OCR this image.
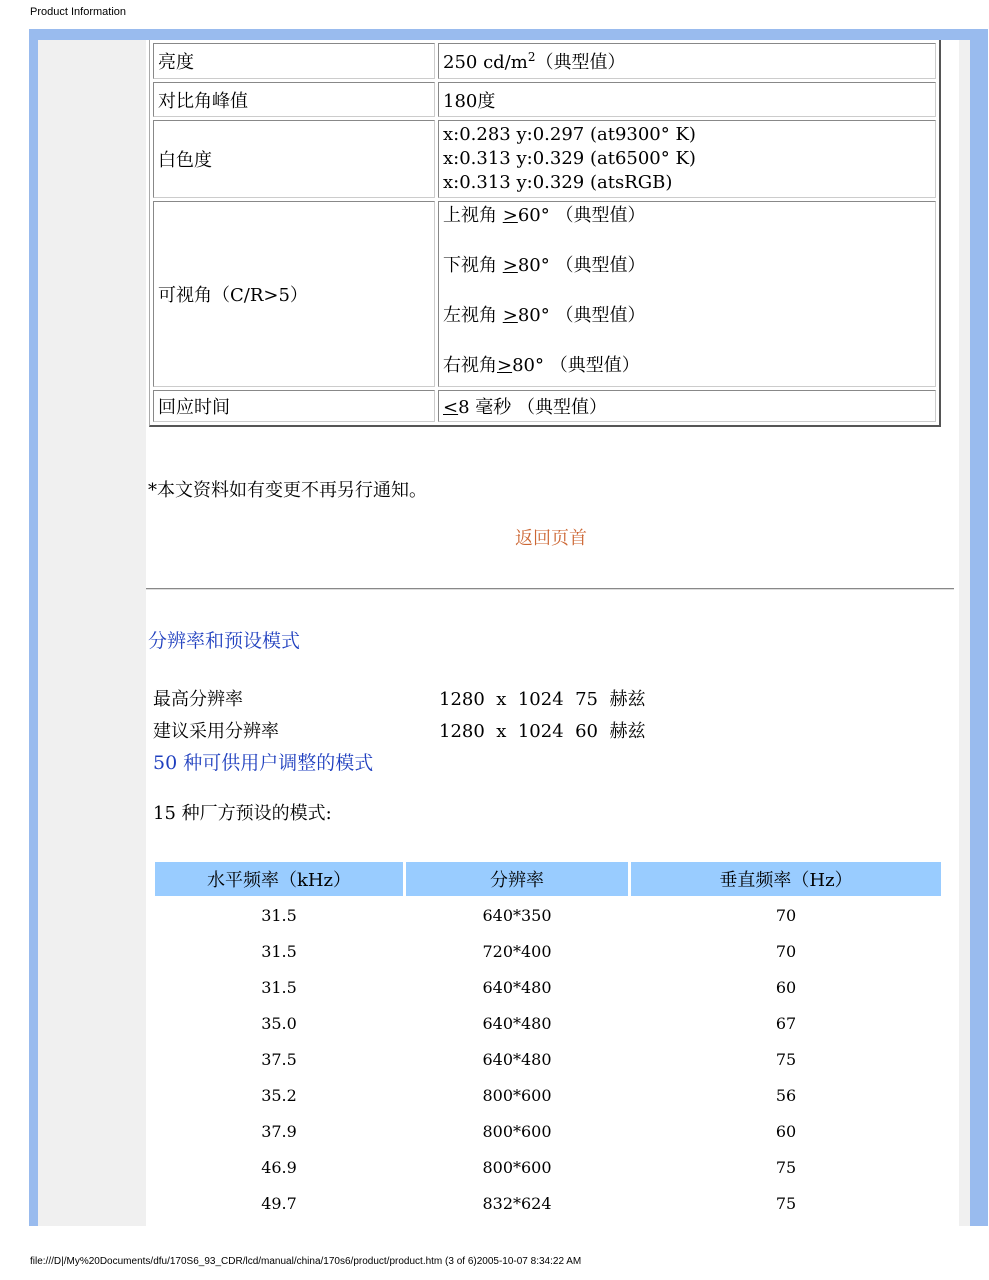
Product Information
亮度	250 $cd/m^2$（典型值）
对比角峰值	180度
白色度	x:0.283 y:0.297 (at9300° K)
x:0.313 y:0.329 (at6500° K)
x:0.313 y:0.329 (atsRGB)

可视角（C/R>5）	上视角 >60° （典型值）

下视角 >80° （典型值）

左视角 >80° （典型值）

右视角>80° （典型值）

回应时间	<8 毫秒 （典型值）
*本文资料如有变更不再另行通知。
返回页首
分辨率和预设模式
最高分辨率	1280  x  1024  75  赫兹
建议采用分辨率	1280  x  1024  60  赫兹
50 种可供用户调整的模式
15 种厂方预设的模式:
水平频率（kHz）	分辨率	垂直频率（Hz）
31.5	640*350	70
31.5	720*400	70
31.5	640*480	60
35.0	640*480	67
37.5	640*480	75
35.2	800*600	56
37.9	800*600	60
46.9	800*600	75
49.7	832*624	75
file:///D|/My%20Documents/dfu/170S6_93_CDR/lcd/manual/china/170s6/product/product.htm (3 of 6)2005-10-07 8:34:22 AM
